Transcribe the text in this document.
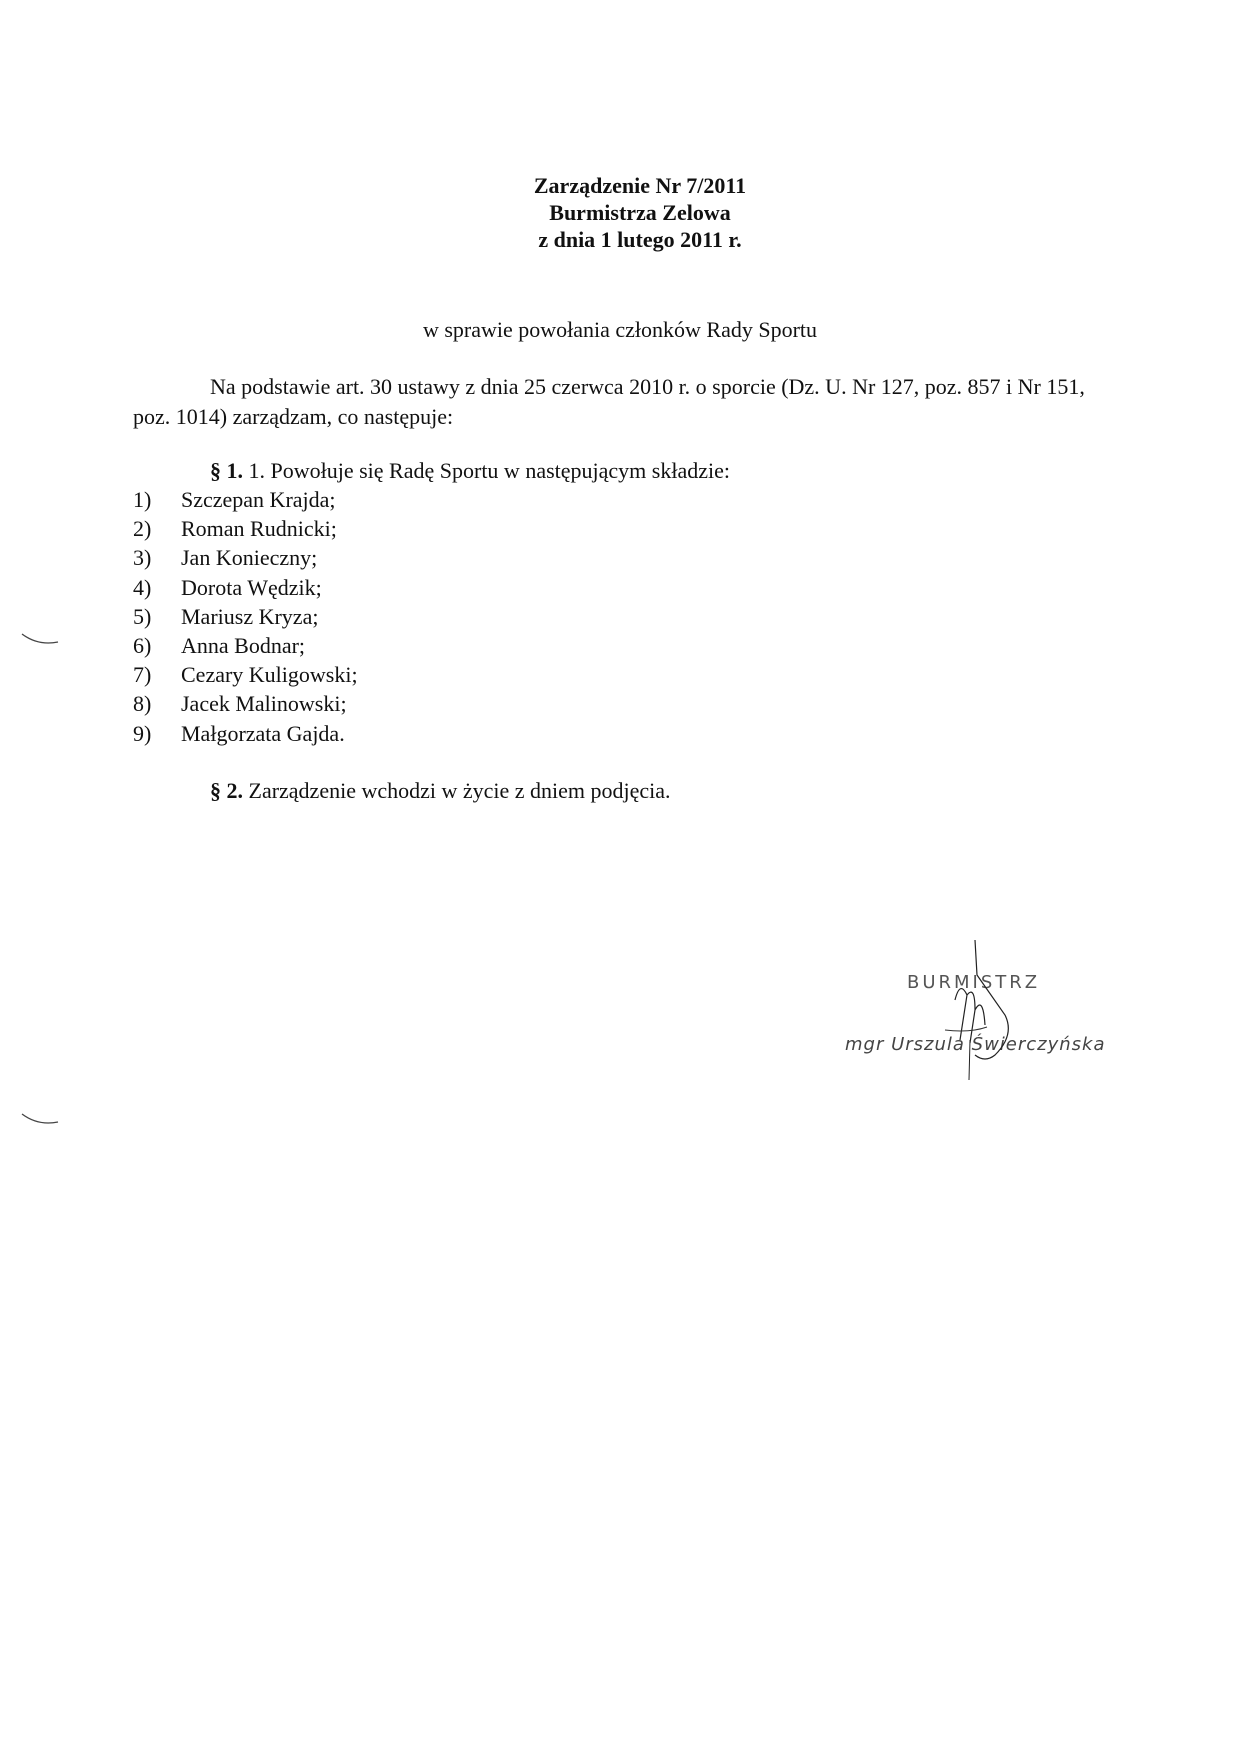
Zarządzenie Nr 7/2011
Burmistrza Zelowa
z dnia 1 lutego 2011 r.
w sprawie powołania członków Rady Sportu

Na podstawie art. 30 ustawy z dnia 25 czerwca 2010 r. o sporcie (Dz. U. Nr 127, poz. 857 i Nr 151, poz. 1014) zarządzam, co następuje:

§ 1. 1. Powołuje się Radę Sportu w następującym składzie:
1)	Szczepan Krajda;
2)	Roman Rudnicki;
3)	Jan Konieczny;
4)	Dorota Wędzik;
5)	Mariusz Kryza;
6)	Anna Bodnar;
7)	Cezary Kuligowski;
8)	Jacek Malinowski;
9)	Małgorzata Gajda.
§ 2. Zarządzenie wchodzi w życie z dniem podjęcia.
BURMISTRZ
mgr Urszula Świerczyńska
